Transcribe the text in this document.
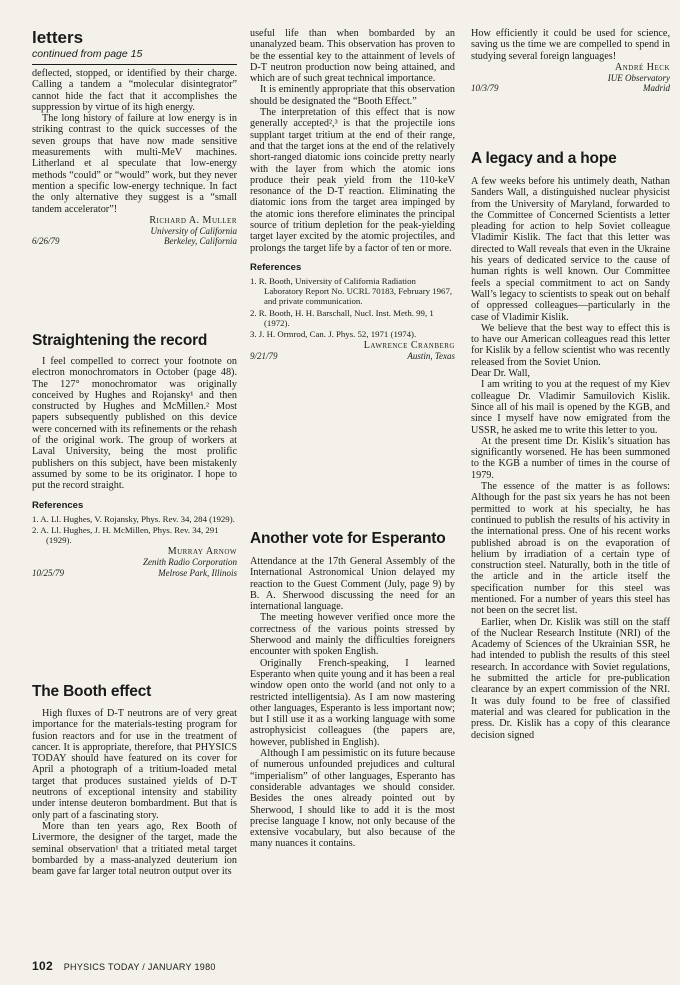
letters
continued from page 15

deflected, stopped, or identified by their charge. Calling a tandem a “molecular disintegrator” cannot hide the fact that it accomplishes the suppression by virtue of its high energy.

The long history of failure at low energy is in striking contrast to the quick successes of the seven groups that have now made sensitive measurements with multi-MeV machines. Litherland et al speculate that low-energy methods “could” or “would” work, but they never mention a specific low-energy technique. In fact the only alternative they suggest is a “small tandem accelerator”!

Richard A. Muller

University of California
6/26/79	Berkeley, California
Straightening the record

I feel compelled to correct your footnote on electron monochromators in October (page 48). The 127° monochromator was originally conceived by Hughes and Rojansky¹ and then constructed by Hughes and McMillen.² Most papers subsequently published on this device were concerned with its refinements or the rehash of the original work. The group of workers at Laval University, being the most prolific publishers on this subject, have been mistakenly assumed by some to be its originator. I hope to put the record straight.

References
1. A. Ll. Hughes, V. Rojansky, Phys. Rev. 34, 284 (1929).
2. A. Ll. Hughes, J. H. McMillen, Phys. Rev. 34, 291 (1929).

Murray Arnow

Zenith Radio Corporation
10/25/79	Melrose Park, Illinois
The Booth effect

High fluxes of D-T neutrons are of very great importance for the materials-testing program for fusion reactors and for use in the treatment of cancer. It is appropriate, therefore, that PHYSICS TODAY should have featured on its cover for April a photograph of a tritium-loaded metal target that produces sustained yields of D-T neutrons of exceptional intensity and stability under intense deuteron bombardment. But that is only part of a fascinating story.

More than ten years ago, Rex Booth of Livermore, the designer of the target, made the seminal observation¹ that a tritiated metal target bombarded by a mass-analyzed deuterium ion beam gave far larger total neutron output over its

useful life than when bombarded by an unanalyzed beam. This observation has proven to be the essential key to the attainment of levels of D-T neutron production now being attained, and which are of such great technical importance.

It is eminently appropriate that this observation should be designated the “Booth Effect.”

The interpretation of this effect that is now generally accepted²,³ is that the projectile ions supplant target tritium at the end of their range, and that the target ions at the end of the relatively short-ranged diatomic ions coincide pretty nearly with the layer from which the atomic ions produce their peak yield from the 110-keV resonance of the D-T reaction. Eliminating the diatomic ions from the target area impinged by the atomic ions therefore eliminates the principal source of tritium depletion for the peak-yielding target layer excited by the atomic projectiles, and prolongs the target life by a factor of ten or more.

References
1. R. Booth, University of California Radiation Laboratory Report No. UCRL 70183, February 1967, and private communication.
2. R. Booth, H. H. Barschall, Nucl. Inst. Meth. 99, 1 (1972).
3. J. H. Ormrod, Can. J. Phys. 52, 1971 (1974).

Lawrence Cranberg

9/21/79	Austin, Texas
Another vote for Esperanto

Attendance at the 17th General Assembly of the International Astronomical Union delayed my reaction to the Guest Comment (July, page 9) by B. A. Sherwood discussing the need for an international language.

The meeting however verified once more the correctness of the various points stressed by Sherwood and mainly the difficulties foreigners encounter with spoken English.

Originally French-speaking, I learned Esperanto when quite young and it has been a real window open onto the world (and not only to a restricted intelligentsia). As I am now mastering other languages, Esperanto is less important now; but I still use it as a working language with some astrophysicist colleagues (the papers are, however, published in English).

Although I am pessimistic on its future because of numerous unfounded prejudices and cultural “imperialism” of other languages, Esperanto has considerable advantages we should consider. Besides the ones already pointed out by Sherwood, I should like to add it is the most precise language I know, not only because of the extensive vocabulary, but also because of the many nuances it contains.

How efficiently it could be used for science, saving us the time we are compelled to spend in studying several foreign languages!

André Heck

IUE Observatory
10/3/79	Madrid
A legacy and a hope

A few weeks before his untimely death, Nathan Sanders Wall, a distinguished nuclear physicist from the University of Maryland, forwarded to the Committee of Concerned Scientists a letter pleading for action to help Soviet colleague Vladimir Kislik. The fact that this letter was directed to Wall reveals that even in the Ukraine his years of dedicated service to the cause of human rights is well known. Our Committee feels a special commitment to act on Sandy Wall’s legacy to scientists to speak out on behalf of oppressed colleagues—particularly in the case of Vladimir Kislik.

We believe that the best way to effect this is to have our American colleagues read this letter for Kislik by a fellow scientist who was recently released from the Soviet Union.

Dear Dr. Wall,

I am writing to you at the request of my Kiev colleague Dr. Vladimir Samuilovich Kislik. Since all of his mail is opened by the KGB, and since I myself have now emigrated from the USSR, he asked me to write this letter to you.

At the present time Dr. Kislik’s situation has significantly worsened. He has been summoned to the KGB a number of times in the course of 1979.

The essence of the matter is as follows: Although for the past six years he has not been permitted to work at his specialty, he has continued to publish the results of his activity in the international press. One of his recent works published abroad is on the evaporation of helium by irradiation of a certain type of construction steel. Naturally, both in the title of the article and in the article itself the specification number for this steel was mentioned. For a number of years this steel has not been on the secret list.

Earlier, when Dr. Kislik was still on the staff of the Nuclear Research Institute (NRI) of the Academy of Sciences of the Ukrainian SSR, he had intended to publish the results of this steel research. In accordance with Soviet regulations, he submitted the article for pre-publication clearance by an expert commission of the NRI. It was duly found to be free of classified material and was cleared for publication in the press. Dr. Kislik has a copy of this clearance decision signed

102 PHYSICS TODAY / JANUARY 1980
